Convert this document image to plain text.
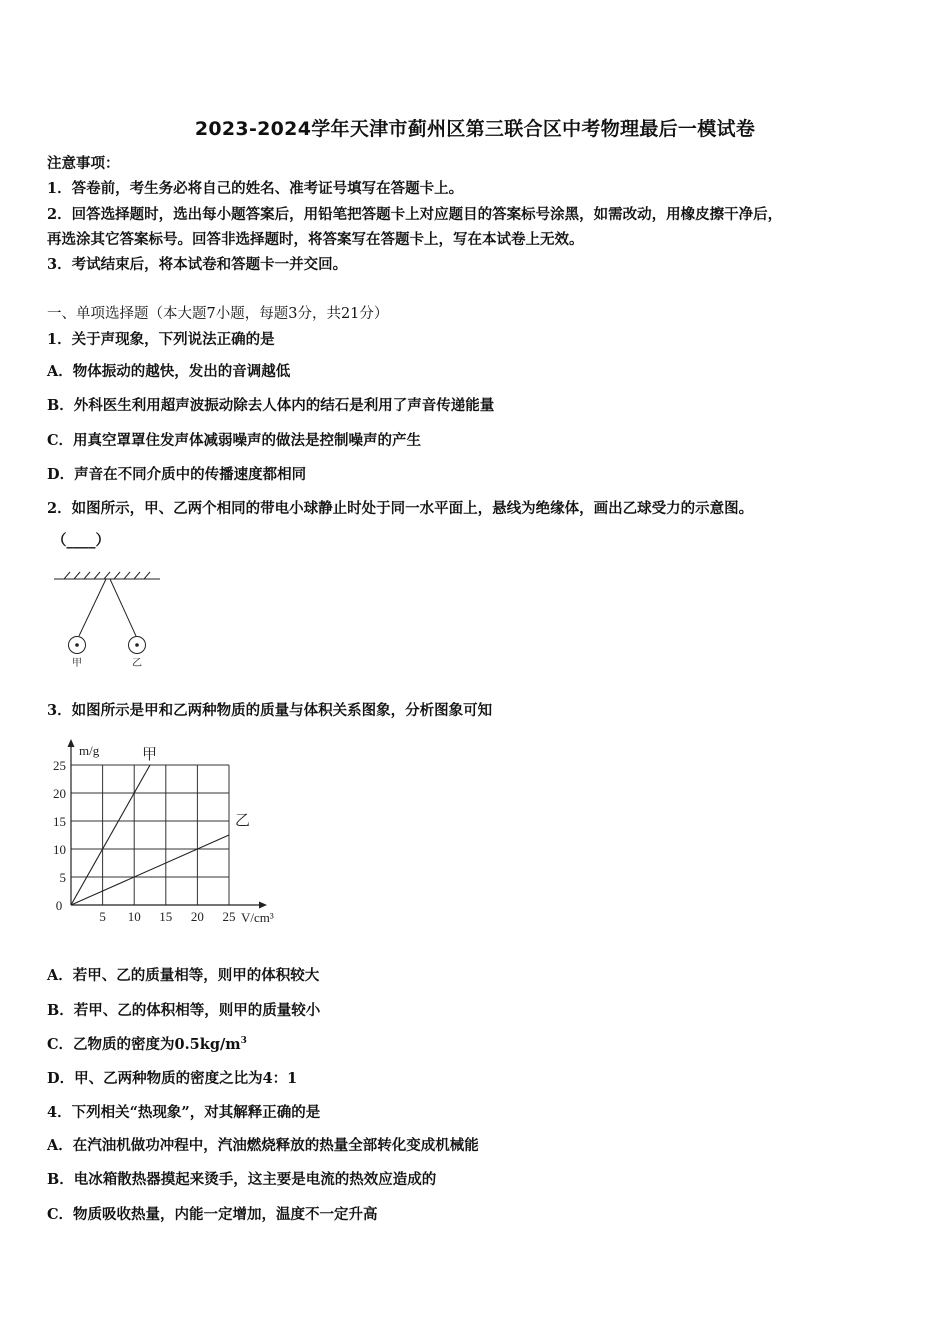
2023-2024学年天津市蓟州区第三联合区中考物理最后一模试卷
注意事项：
1．答卷前，考生务必将自己的姓名、准考证号填写在答题卡上。
2．回答选择题时，选出每小题答案后，用铅笔把答题卡上对应题目的答案标号涂黑，如需改动，用橡皮擦干净后，
再选涂其它答案标号。回答非选择题时，将答案写在答题卡上，写在本试卷上无效。
3．考试结束后，将本试卷和答题卡一并交回。
一、单项选择题（本大题7小题，每题3分，共21分）
1．关于声现象，下列说法正确的是
A．物体振动的越快，发出的音调越低
B．外科医生利用超声波振动除去人体内的结石是利用了声音传递能量
C．用真空罩罩住发声体减弱噪声的做法是控制噪声的产生
D．声音在不同介质中的传播速度都相同
2．如图所示，甲、乙两个相同的带电小球静止时处于同一水平面上，悬线为绝缘体，画出乙球受力的示意图。
（____）
甲	乙
3．如图所示是甲和乙两种物质的质量与体积关系图象，分析图象可知
5 10 15 20 25
25
20
15
10
5
0
m/g
V/cm³
甲
乙
A．若甲、乙的质量相等，则甲的体积较大
B．若甲、乙的体积相等，则甲的质量较小
C．乙物质的密度为$0.5kg/m^3$
D．甲、乙两种物质的密度之比为4：1
4．下列相关“热现象”，对其解释正确的是
A．在汽油机做功冲程中，汽油燃烧释放的热量全部转化变成机械能
B．电冰箱散热器摸起来烫手，这主要是电流的热效应造成的
C．物质吸收热量，内能一定增加，温度不一定升高
